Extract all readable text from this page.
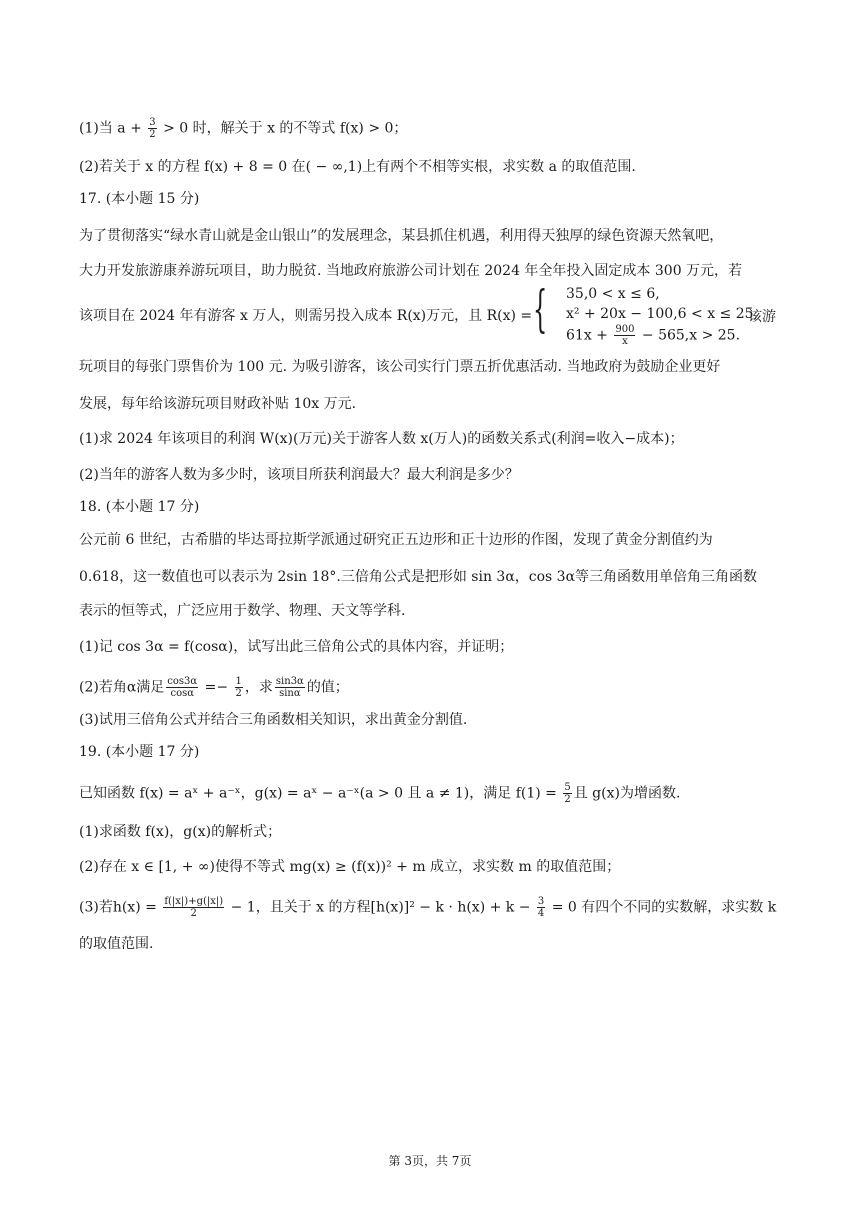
(1)当 $a + \frac{3}{2} > 0$ 时，解关于 x 的不等式 f(x) > 0；
(2)若关于 x 的方程 f(x) + 8 = 0 在( − ∞,1)上有两个不相等实根，求实数 a 的取值范围.
17. (本小题 15 分)
为了贯彻落实“绿水青山就是金山银山”的发展理念，某县抓住机遇，利用得天独厚的绿色资源天然氧吧，
大力开发旅游康养游玩项目，助力脱贫. 当地政府旅游公司计划在 2024 年全年投入固定成本 300 万元，若
该项目在 2024 年有游客 x 万人，则需另投入成本 R(x)万元，且 R(x) = { 35,0 < x ≤ 6,
x² + 20x − 100,6 < x ≤ 25,
$61x + \frac{900}{x} - 565,x > 25$.
该游
玩项目的每张门票售价为 100 元. 为吸引游客，该公司实行门票五折优惠活动. 当地政府为鼓励企业更好
发展，每年给该游玩项目财政补贴 10x 万元.
(1)求 2024 年该项目的利润 W(x)(万元)关于游客人数 x(万人)的函数关系式(利润=收入−成本)；
(2)当年的游客人数为多少时，该项目所获利润最大？最大利润是多少？
18. (本小题 17 分)
公元前 6 世纪，古希腊的毕达哥拉斯学派通过研究正五边形和正十边形的作图，发现了黄金分割值约为
0.618，这一数值也可以表示为 2sin 18°.三倍角公式是把形如 sin 3α，cos 3α等三角函数用单倍角三角函数
表示的恒等式，广泛应用于数学、物理、天文等学科.
(1)记 cos 3α = f(cosα)，试写出此三倍角公式的具体内容，并证明；
(2)若角α满足 $\frac{\cos 3\alpha}{\cos\alpha} =- \frac{1}{2}$ ，求 $\frac{\sin 3\alpha}{\sin\alpha}$ 的值；
(3)试用三倍角公式并结合三角函数相关知识，求出黄金分割值.
19. (本小题 17 分)
已知函数 f(x) = aˣ + a⁻ˣ，g(x) = aˣ − a⁻ˣ(a > 0 且 a ≠ 1)，满足 $f(1) = \frac{5}{2}$ 且 g(x)为增函数.
(1)求函数 f(x)，g(x)的解析式；
(2)存在 x ∈ [1, + ∞)使得不等式 mg(x) ≥ (f(x))² + m 成立，求实数 m 的取值范围；
(3)若$h(x) = \frac{f(|x|)+g(|x|)}{2} - 1$，且关于 x 的方程$[h(x)]^2 - k \cdot h(x) + k - \frac{3}{4} = 0$ 有四个不同的实数解，求实数 k
的取值范围.
第 3页，共 7页
